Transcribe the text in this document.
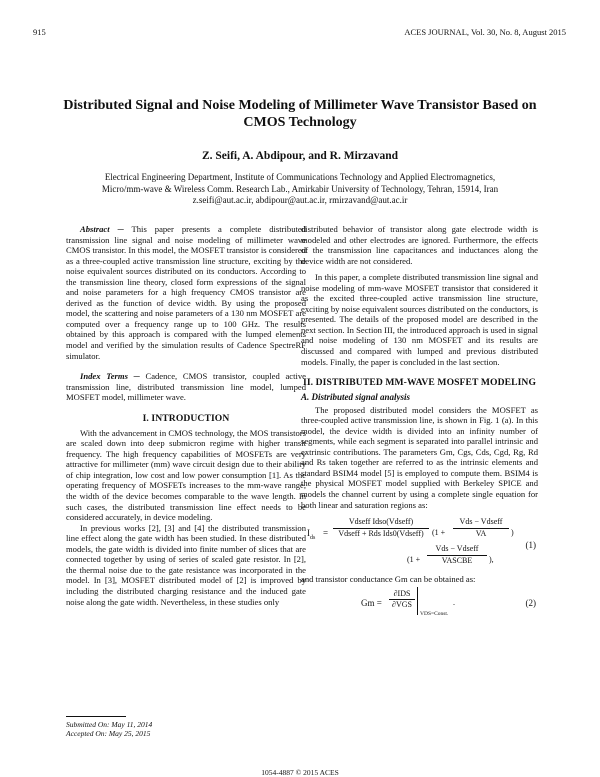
915	ACES JOURNAL, Vol. 30, No. 8, August 2015
Distributed Signal and Noise Modeling of Millimeter Wave Transistor Based on CMOS Technology
Z. Seifi, A. Abdipour, and R. Mirzavand
Electrical Engineering Department, Institute of Communications Technology and Applied Electromagnetics,
Micro/mm-wave & Wireless Comm. Research Lab., Amirkabir University of Technology, Tehran, 15914, Iran
z.seifi@aut.ac.ir, abdipour@aut.ac.ir, rmirzavand@aut.ac.ir

Abstract ─ This paper presents a complete distributed transmission line signal and noise modeling of millimeter wave CMOS transistor. In this model, the MOSFET transistor is considered as a three-coupled active transmission line structure, exciting by the noise equivalent sources distributed on its conductors. According to the transmission line theory, closed form expressions of the signal and noise parameters for a high frequency CMOS transistor are derived as the function of device width. By using the proposed model, the scattering and noise parameters of a 130 nm MOSFET are computed over a frequency range up to 100 GHz. The results obtained by this approach is compared with the lumped elements model and verified by the simulation results of Cadence SpectreRF simulator.

Index Terms ─ Cadence, CMOS transistor, coupled active transmission line, distributed transmission line model, lumped MOSFET model, millimeter wave.

I. INTRODUCTION

With the advancement in CMOS technology, the MOS transistors are scaled down into deep submicron regime with higher transit frequency. The high frequency capabilities of MOSFETs are very attractive for millimeter (mm) wave circuit design due to their ability of chip integration, low cost and low power consumption [1]. As the operating frequency of MOSFETs increases to the mm-wave range, the width of the device becomes comparable to the wave length. In such cases, the distributed transmission line effect needs to be considered accurately, in device modeling.

In previous works [2], [3] and [4] the distributed transmission line effect along the gate width has been studied. In these distributed models, the gate width is divided into finite number of slices that are connected together by using of series of scaled gate resistor. In [2], the thermal noise due to the gate resistance was incorporated in the model. In [3], MOSFET distributed model of [2] is improved by including the distributed charging resistance and the induced gate noise along the gate width. Nevertheless, in these studies only

distributed behavior of transistor along gate electrode width is modeled and other electrodes are ignored. Furthermore, the effects of the transmission line capacitances and inductances along the device width are not considered.

In this paper, a complete distributed transmission line signal and noise modeling of mm-wave MOSFET transistor that considered it as the excited three-coupled active transmission line structure, exciting by noise equivalent sources distributed on the conductors, is presented. The details of the proposed model are described in the next section. In Section III, the introduced approach is used in signal and noise modeling of 130 nm MOSFET and its results are discussed and compared with lumped and previous distributed models. Finally, the paper is concluded in the last section.

II. DISTRIBUTED MM-WAVE MOSFET MODELING
A. Distributed signal analysis

The proposed distributed model considers the MOSFET as three-coupled active transmission line, is shown in Fig. 1 (a). In this model, the device width is divided into an infinity number of segments, while each segment is separated into parallel intrinsic and extrinsic contributions. The parameters Gm, Cgs, Cds, Cgd, Rg, Rd and Rs taken together are referred to as the intrinsic elements and standard BSIM4 model [5] is employed to compute them. BSIM4 is the physical MOSFET model supplied with Berkeley SPICE and models the channel current by using a complete single equation for both linear and saturation regions as:

$I_{ds}$ =
Vdseff Idso(Vdseff)
Vdseff + Rds Ids0(Vdseff)	(1 +
Vds − Vdseff
VA	)
(1 +
Vds − Vdseff
VASCBE	),
(1)

and transistor conductance Gm can be obtained as:

Gm =
∂IDS
∂VGS
VDS=Const.
.	(2)
Submitted On: May 11, 2014
Accepted On: May 25, 2015
1054-4887 © 2015 ACES
